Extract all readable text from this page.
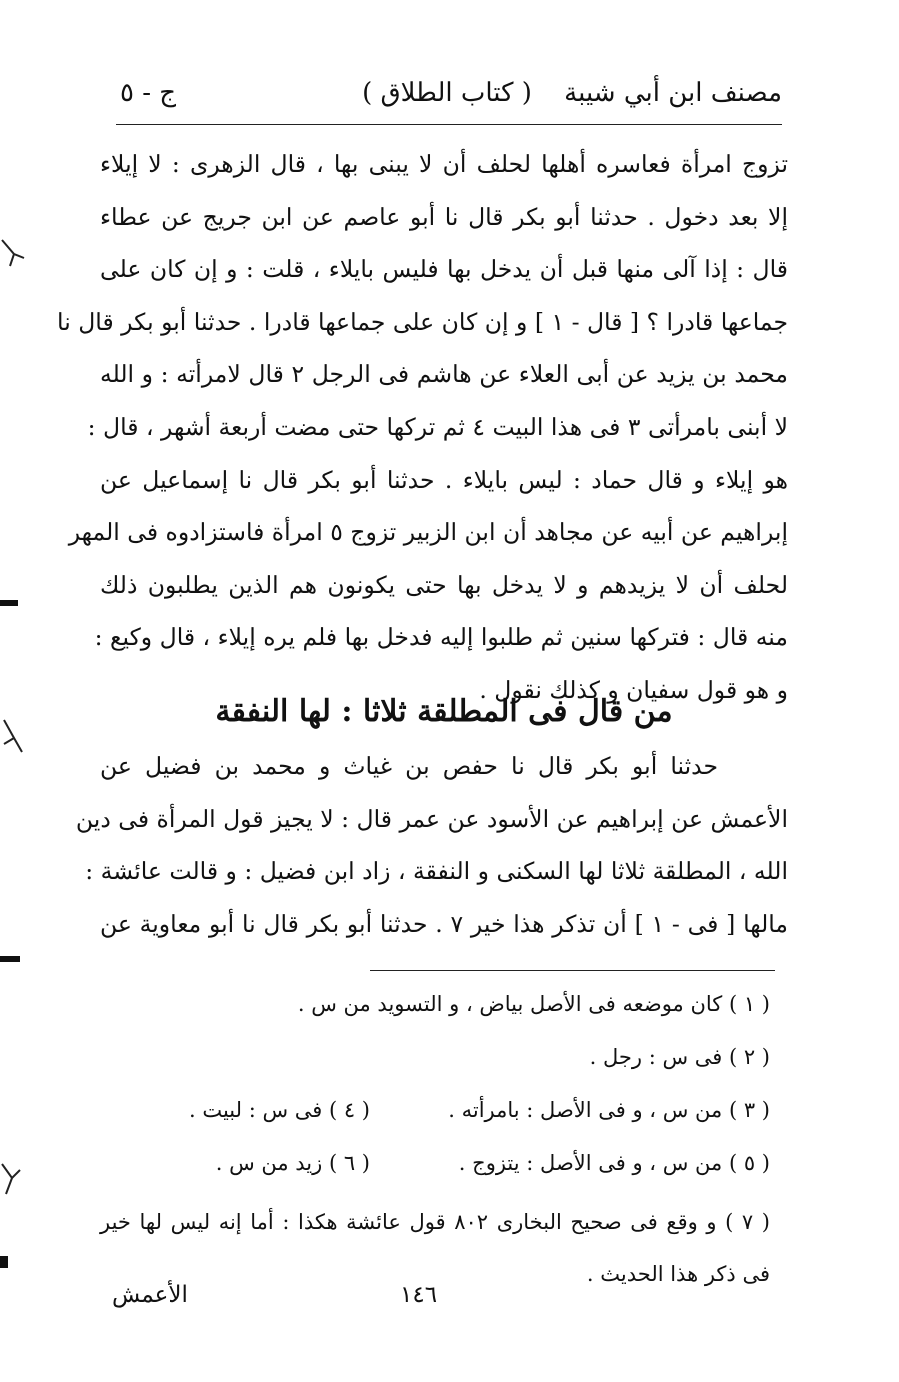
مصنف ابن أبي شيبة
( كتاب الطلاق )
ج - ٥
تزوج امرأة فعاسره أهلها لحلف أن لا يبنى بها ، قال الزهرى : لا إيلاء
إلا بعد دخول . حدثنا أبو بكر قال نا أبو عاصم عن ابن جريج عن عطاء
قال : إذا آلى منها قبل أن يدخل بها فليس بايلاء ، قلت : و إن كان على
جماعها قادرا ؟ [ قال - ١ ] و إن كان على جماعها قادرا . حدثنا أبو بكر قال نا
محمد بن يزيد عن أبى العلاء عن هاشم فى الرجل ٢ قال لامرأته : و الله
لا أبنى بامرأتى ٣ فى هذا البيت ٤ ثم تركها حتى مضت أربعة أشهر ، قال :
هو إيلاء و قال حماد : ليس بايلاء . حدثنا أبو بكر قال نا إسماعيل عن
إبراهيم عن أبيه عن مجاهد أن ابن الزبير تزوج ٥ امرأة فاستزادوه فى المهر
لحلف أن لا يزيدهم و لا يدخل بها حتى يكونون هم الذين يطلبون ذلك
منه قال : فتركها سنين ثم طلبوا إليه فدخل بها فلم يره إيلاء ، قال وكيع :
و هو قول سفيان و كذلك نقول .
من قال فى المطلقة ثلاثا : لها النفقة
حدثنا أبو بكر قال نا حفص بن غياث و محمد بن فضيل عن
الأعمش عن إبراهيم عن الأسود عن عمر قال : لا يجيز قول المرأة فى دين
الله ، المطلقة ثلاثا لها السكنى و النفقة ، زاد ابن فضيل : و قالت عائشة :
مالها [ فى - ١ ] أن تذكر هذا خير ٧ . حدثنا أبو بكر قال نا أبو معاوية عن
( ١ ) كان موضعه فى الأصل بياض ، و التسويد من س .
( ٢ ) فى س : رجل .
( ٣ ) من س ، و فى الأصل : بامرأته .
( ٤ ) فى س : لبيت .
( ٥ ) من س ، و فى الأصل : يتزوج .
( ٦ ) زيد من س .
( ٧ ) و وقع فى صحيح البخارى ٨٠٢ قول عائشة هكذا : أما إنه ليس لها خير فى ذكر هذا الحديث .
١٤٦
الأعمش
